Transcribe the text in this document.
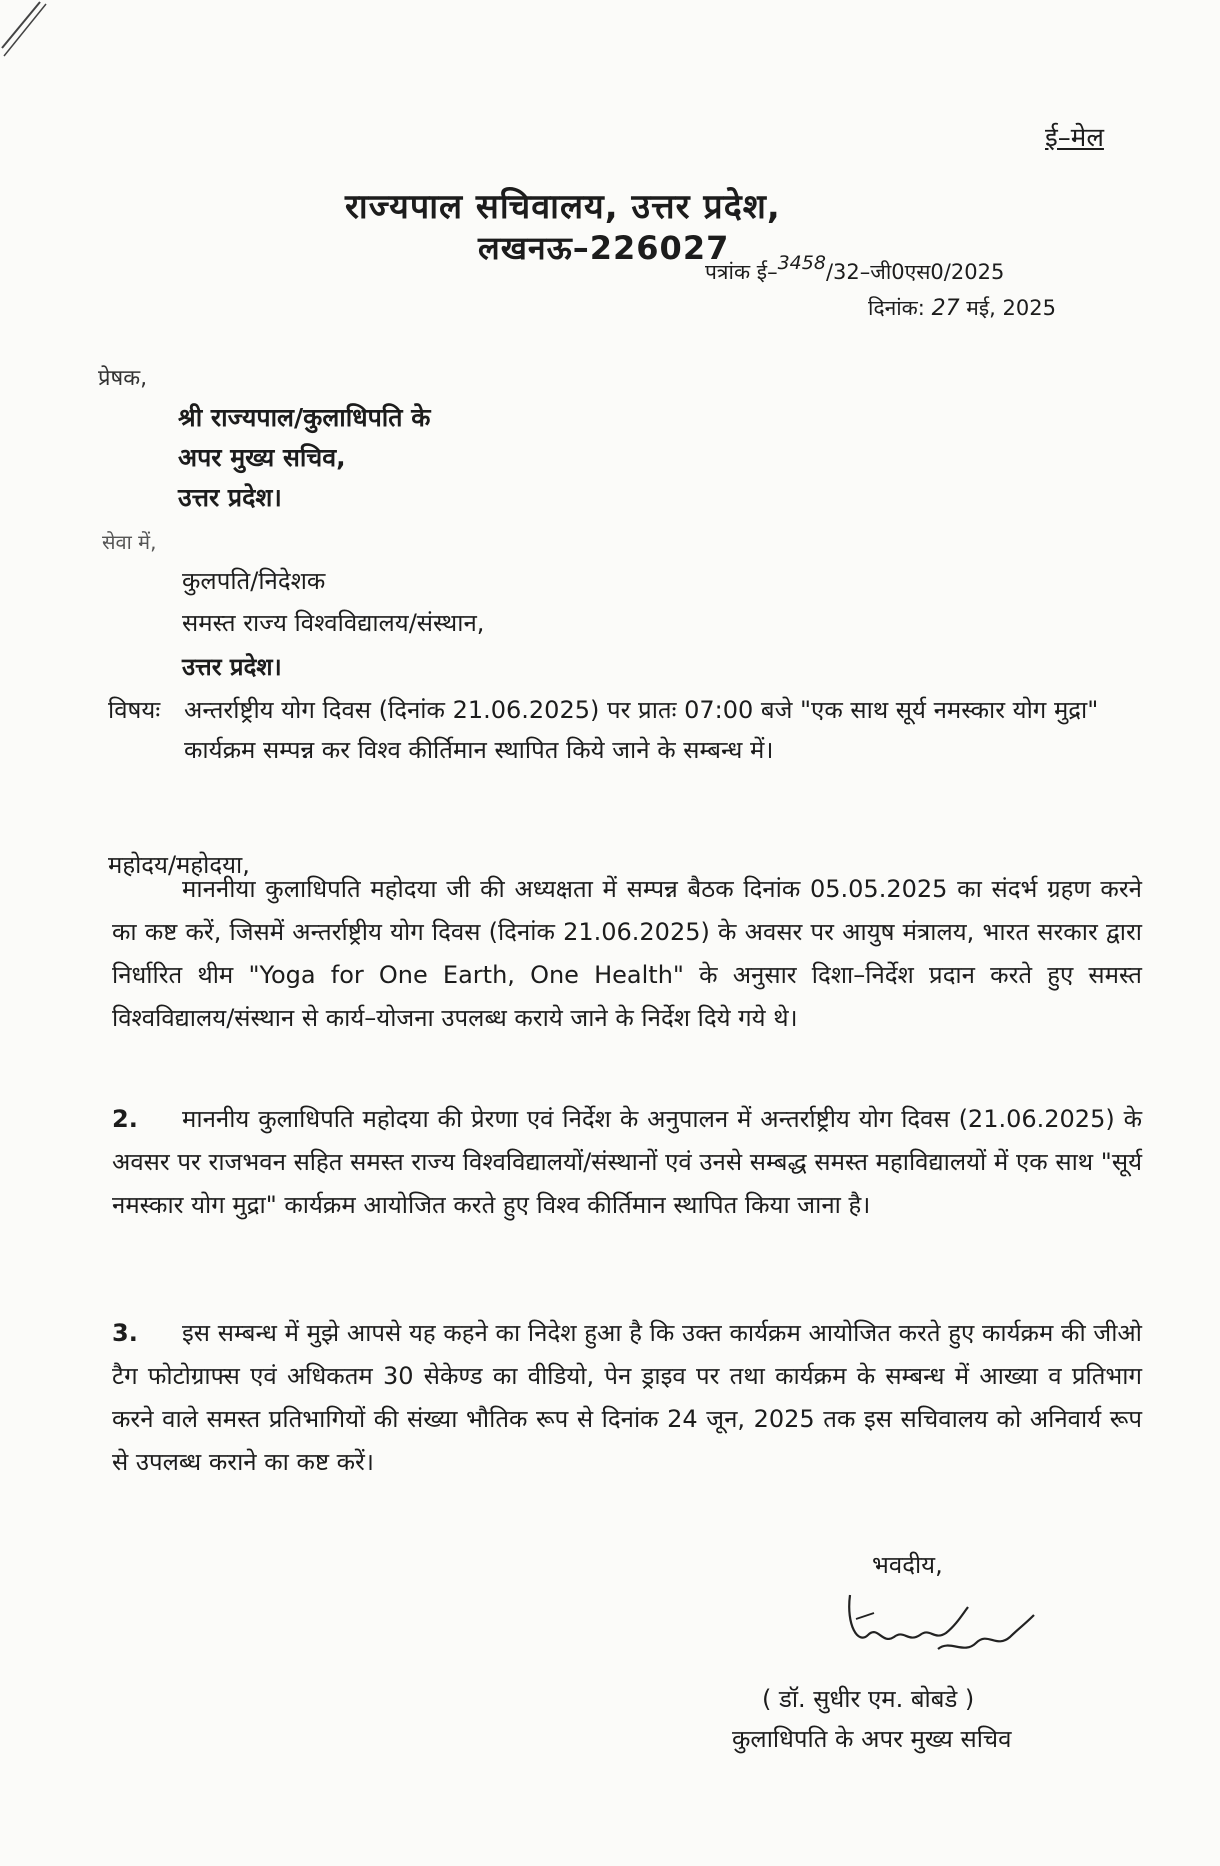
ई–मेल
राज्यपाल सचिवालय, उत्तर प्रदेश,
लखनऊ–226027
पत्रांक ई–3458/32–जी0एस0/2025
दिनांक: 27 मई, 2025
प्रेषक,
श्री राज्यपाल/कुलाधिपति के
अपर मुख्य सचिव,
उत्तर प्रदेश।
सेवा में,
कुलपति/निदेशक
समस्त राज्य विश्वविद्यालय/संस्थान,
उत्तर प्रदेश।
विषयः अन्तर्राष्ट्रीय योग दिवस (दिनांक 21.06.2025) पर प्रातः 07:00 बजे "एक साथ सूर्य नमस्कार योग मुद्रा" कार्यक्रम सम्पन्न कर विश्व कीर्तिमान स्थापित किये जाने के सम्बन्ध में।

महोदय/महोदया,
माननीया कुलाधिपति महोदया जी की अध्यक्षता में सम्पन्न बैठक दिनांक 05.05.2025 का संदर्भ ग्रहण करने का कष्ट करें, जिसमें अन्तर्राष्ट्रीय योग दिवस (दिनांक 21.06.2025) के अवसर पर आयुष मंत्रालय, भारत सरकार द्वारा निर्धारित थीम "Yoga for One Earth, One Health" के अनुसार दिशा–निर्देश प्रदान करते हुए समस्त विश्वविद्यालय/संस्थान से कार्य–योजना उपलब्ध कराये जाने के निर्देश दिये गये थे।
2. माननीय कुलाधिपति महोदया की प्रेरणा एवं निर्देश के अनुपालन में अन्तर्राष्ट्रीय योग दिवस (21.06.2025) के अवसर पर राजभवन सहित समस्त राज्य विश्वविद्यालयों/संस्थानों एवं उनसे सम्बद्ध समस्त महाविद्यालयों में एक साथ "सूर्य नमस्कार योग मुद्रा" कार्यक्रम आयोजित करते हुए विश्व कीर्तिमान स्थापित किया जाना है।
3. इस सम्बन्ध में मुझे आपसे यह कहने का निदेश हुआ है कि उक्त कार्यक्रम आयोजित करते हुए कार्यक्रम की जीओ टैग फोटोग्राफ्स एवं अधिकतम 30 सेकेण्ड का वीडियो, पेन ड्राइव पर तथा कार्यक्रम के सम्बन्ध में आख्या व प्रतिभाग करने वाले समस्त प्रतिभागियों की संख्या भौतिक रूप से दिनांक 24 जून, 2025 तक इस सचिवालय को अनिवार्य रूप से उपलब्ध कराने का कष्ट करें।
भवदीय,
( डॉ. सुधीर एम. बोबडे )
कुलाधिपति के अपर मुख्य सचिव
